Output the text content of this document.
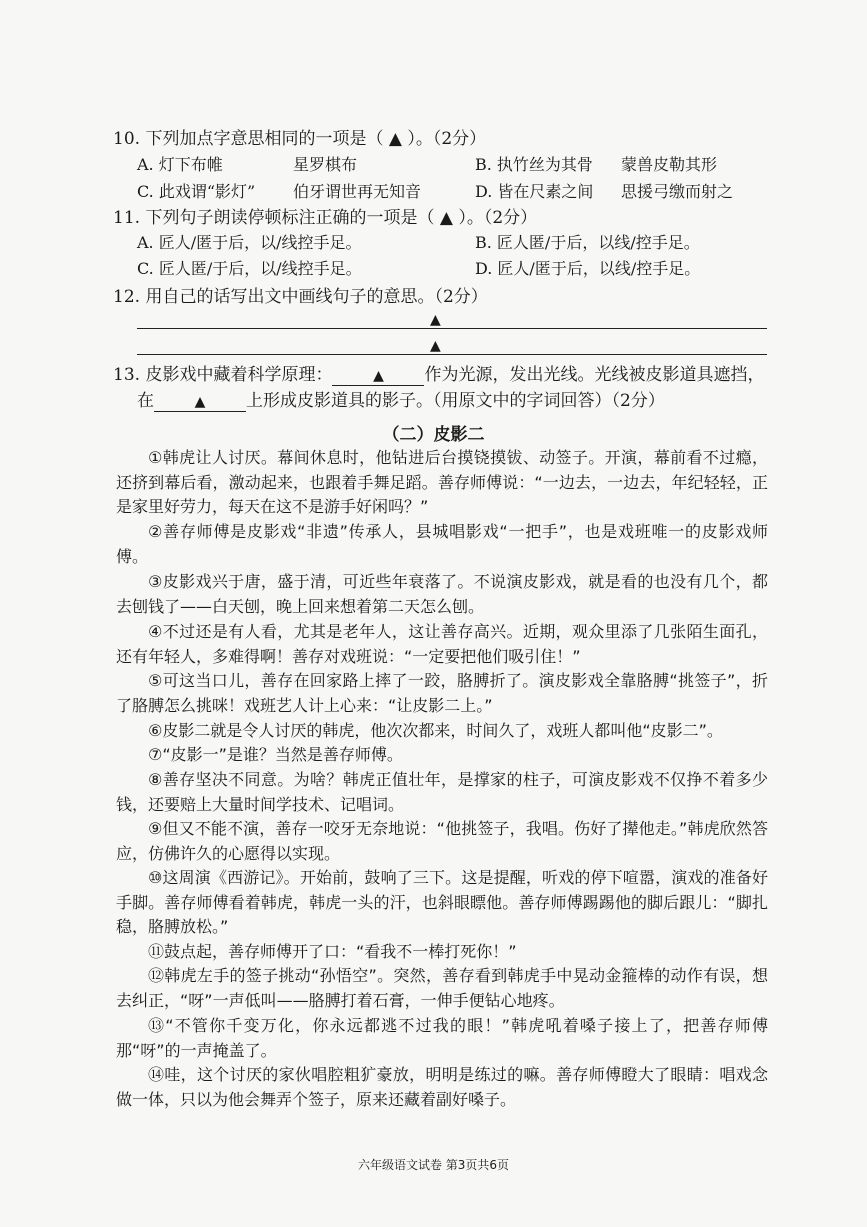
10. 下列加点字意思相同的一项是（ ▲ ）。（2分）
A. 灯下布帷	星罗棋布	B. 执竹丝为其骨 蒙兽皮勒其形
C. 此戏谓“影灯” 伯牙谓世再无知音	D. 皆在尺素之间 思援弓缴而射之
11. 下列句子朗读停顿标注正确的一项是（ ▲ ）。（2分）
A. 匠人/匿于后，以/线控手足。	B. 匠人匿/于后，以线/控手足。
C. 匠人匿/于后，以/线控手足。	D. 匠人/匿于后，以线/控手足。
12. 用自己的话写出文中画线句子的意思。（2分）
▲
▲
13. 皮影戏中藏着科学原理：	▲ 作为光源，发出光线。光线被皮影道具遮挡，
在	▲ 上形成皮影道具的影子。（用原文中的字词回答）（2分）
（二）皮影二
①韩虎让人讨厌。幕间休息时，他钻进后台摸铙摸钹、动签子。开演，幕前看不过瘾，还挤到幕后看，激动起来，也跟着手舞足蹈。善存师傅说：“一边去，一边去，年纪轻轻，正是家里好劳力，每天在这不是游手好闲吗？”
②善存师傅是皮影戏“非遗”传承人，县城唱影戏“一把手”，也是戏班唯一的皮影戏师傅。
③皮影戏兴于唐，盛于清，可近些年衰落了。不说演皮影戏，就是看的也没有几个，都去刨钱了——白天刨，晚上回来想着第二天怎么刨。
④不过还是有人看，尤其是老年人，这让善存高兴。近期，观众里添了几张陌生面孔，还有年轻人，多难得啊！善存对戏班说：“一定要把他们吸引住！”
⑤可这当口儿，善存在回家路上摔了一跤，胳膊折了。演皮影戏全靠胳膊“挑签子”，折了胳膊怎么挑咪！戏班艺人计上心来：“让皮影二上。”
⑥皮影二就是令人讨厌的韩虎，他次次都来，时间久了，戏班人都叫他“皮影二”。
⑦“皮影一”是谁？当然是善存师傅。
⑧善存坚决不同意。为啥？韩虎正值壮年，是撑家的柱子，可演皮影戏不仅挣不着多少钱，还要赔上大量时间学技术、记唱词。
⑨但又不能不演，善存一咬牙无奈地说：“他挑签子，我唱。伤好了撵他走。”韩虎欣然答应，仿佛许久的心愿得以实现。
⑩这周演《西游记》。开始前，鼓响了三下。这是提醒，听戏的停下喧嚣，演戏的准备好手脚。善存师傅看着韩虎，韩虎一头的汗，也斜眼瞟他。善存师傅踢踢他的脚后跟儿：“脚扎稳，胳膊放松。”
⑪鼓点起，善存师傅开了口：“看我不一棒打死你！”
⑫韩虎左手的签子挑动“孙悟空”。突然，善存看到韩虎手中晃动金箍棒的动作有误，想去纠正，“呀”一声低叫——胳膊打着石膏，一伸手便钻心地疼。
⑬“不管你千变万化，你永远都逃不过我的眼！”韩虎吼着嗓子接上了，把善存师傅那“呀”的一声掩盖了。
⑭哇，这个讨厌的家伙唱腔粗犷豪放，明明是练过的嘛。善存师傅瞪大了眼睛：唱戏念做一体，只以为他会舞弄个签子，原来还藏着副好嗓子。
六年级语文试卷 第3页共6页
